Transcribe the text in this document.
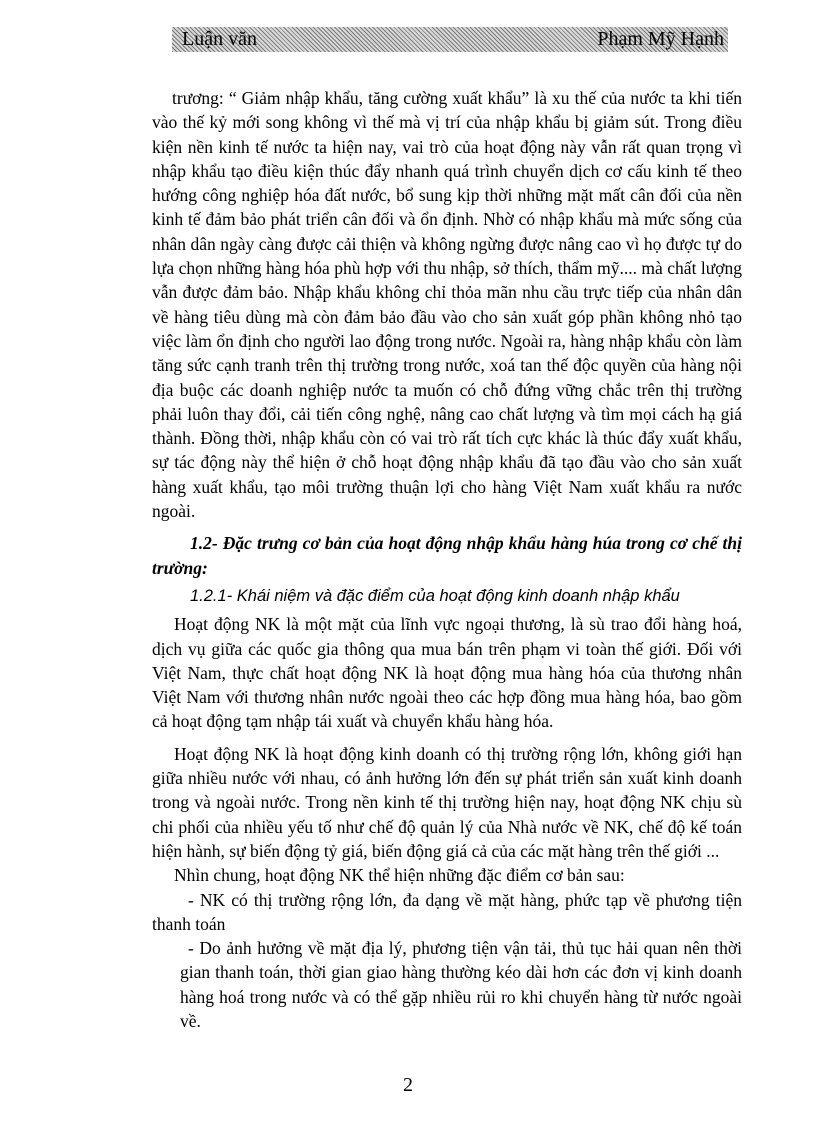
Luận văn	Phạm Mỹ Hạnh

trương: “ Giảm nhập khẩu, tăng cường xuất khẩu” là xu thế của nước ta khi tiến vào thế kỷ mới song không vì thế mà vị trí của nhập khẩu bị giảm sút. Trong điều kiện nền kinh tế nước ta hiện nay, vai trò của hoạt động này vẫn rất quan trọng vì nhập khẩu tạo điều kiện thúc đẩy nhanh quá trình chuyển dịch cơ cấu kinh tế theo hướng công nghiệp hóa đất nước, bổ sung kịp thời những mặt mất cân đối của nền kinh tế đảm bảo phát triển cân đối và ổn định. Nhờ có nhập khẩu mà mức sống của nhân dân ngày càng được cải thiện và không ngừng được nâng cao vì họ được tự do lựa chọn những hàng hóa phù hợp với thu nhập, sở thích, thẩm mỹ.... mà chất lượng vẫn được đảm bảo. Nhập khẩu không chỉ thỏa mãn nhu cầu trực tiếp của nhân dân về hàng tiêu dùng mà còn đảm bảo đầu vào cho sản xuất góp phần không nhỏ tạo việc làm ổn định cho người lao động trong nước. Ngoài ra, hàng nhập khẩu còn làm tăng sức cạnh tranh trên thị trường trong nước, xoá tan thế độc quyền của hàng nội địa buộc các doanh nghiệp nước ta muốn có chỗ đứng vững chắc trên thị trường phải luôn thay đổi, cải tiến công nghệ, nâng cao chất lượng và tìm mọi cách hạ giá thành. Đồng thời, nhập khẩu còn có vai trò rất tích cực khác là thúc đẩy xuất khẩu, sự tác động này thể hiện ở chỗ hoạt động nhập khẩu đã tạo đầu vào cho sản xuất hàng xuất khẩu, tạo môi trường thuận lợi cho hàng Việt Nam xuất khẩu ra nước ngoài.

1.2- Đặc trưng cơ bản của hoạt động nhập khẩu hàng húa trong cơ chế thị trường:

1.2.1- Khái niệm và đặc điểm của hoạt động kinh doanh nhập khẩu

Hoạt động NK là một mặt của lĩnh vực ngoại thương, là sù trao đổi hàng hoá, dịch vụ giữa các quốc gia thông qua mua bán trên phạm vi toàn thế giới. Đối với Việt Nam, thực chất hoạt động NK là hoạt động mua hàng hóa của thương nhân Việt Nam với thương nhân nước ngoài theo các hợp đồng mua hàng hóa, bao gồm cả hoạt động tạm nhập tái xuất và chuyển khẩu hàng hóa.

Hoạt động NK là hoạt động kinh doanh có thị trường rộng lớn, không giới hạn giữa nhiều nước với nhau, có ảnh hưởng lớn đến sự phát triển sản xuất kinh doanh trong và ngoài nước. Trong nền kinh tế thị trường hiện nay, hoạt động NK chịu sù chi phối của nhiều yếu tố như chế độ quản lý của Nhà nước về NK, chế độ kế toán hiện hành, sự biến động tỷ giá, biến động giá cả của các mặt hàng trên thế giới ...

Nhìn chung, hoạt động NK thể hiện những đặc điểm cơ bản sau:

- NK có thị trường rộng lớn, đa dạng về mặt hàng, phức tạp về phương tiện thanh toán

- Do ảnh hưởng về mặt địa lý, phương tiện vận tải, thủ tục hải quan nên thời gian thanh toán, thời gian giao hàng thường kéo dài hơn các đơn vị kinh doanh hàng hoá trong nước và có thể gặp nhiều rủi ro khi chuyển hàng từ nước ngoài về.

2
